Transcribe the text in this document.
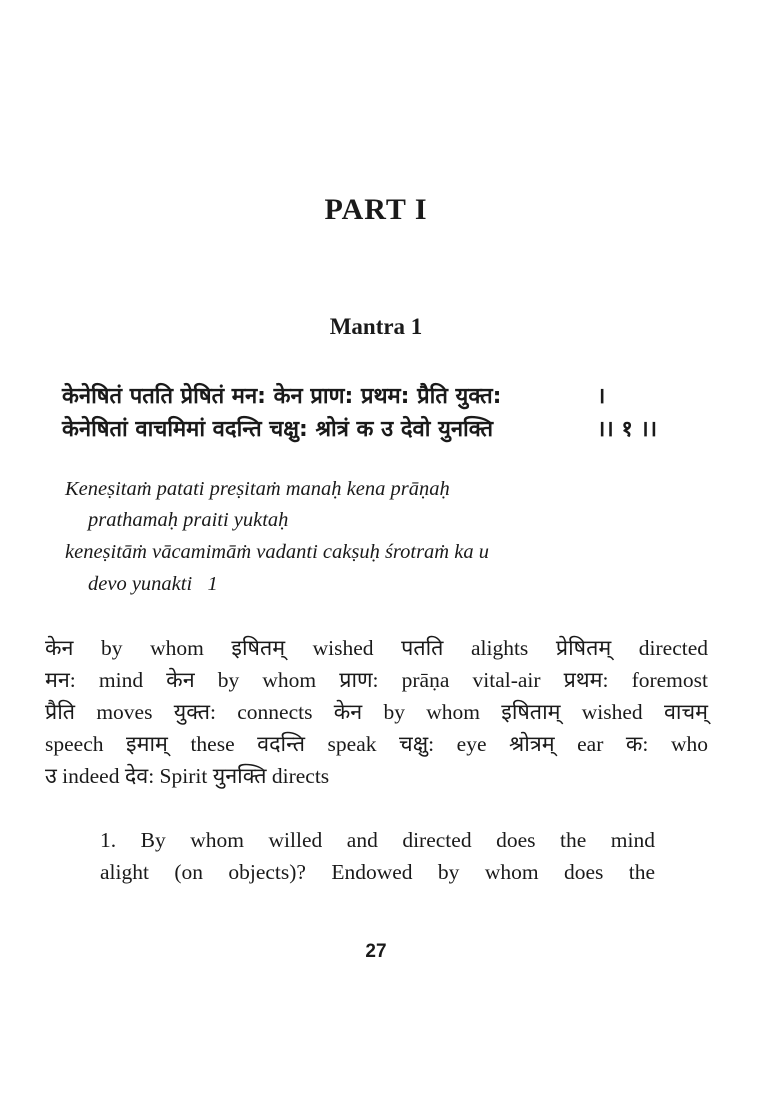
PART I
Mantra 1
केनेषितं पतति प्रेषितं मन: केन प्राण: प्रथम: प्रैति युक्त:	।
केनेषितां वाचमिमां वदन्ति चक्षु: श्रोत्रं क उ देवो युनक्ति	।। १ ।।
Keneṣitaṁ patati preṣitaṁ manaḥ kena prāṇaḥ
prathamaḥ praiti yuktaḥ
keneṣitāṁ vācamimāṁ vadanti cakṣuḥ śrotraṁ ka u
devo yunakti   1
केन by whom इषितम् wished पतति alights प्रेषितम् directed
मन: mind केन by whom प्राण: prāṇa vital-air प्रथम: foremost
प्रैति moves युक्त: connects केन by whom इषिताम् wished वाचम्
speech इमाम् these वदन्ति speak चक्षु: eye श्रोत्रम् ear क: who
उ indeed देव: Spirit युनक्ति directs
1. By whom willed and directed does the mind
alight (on objects)? Endowed by whom does the
27
